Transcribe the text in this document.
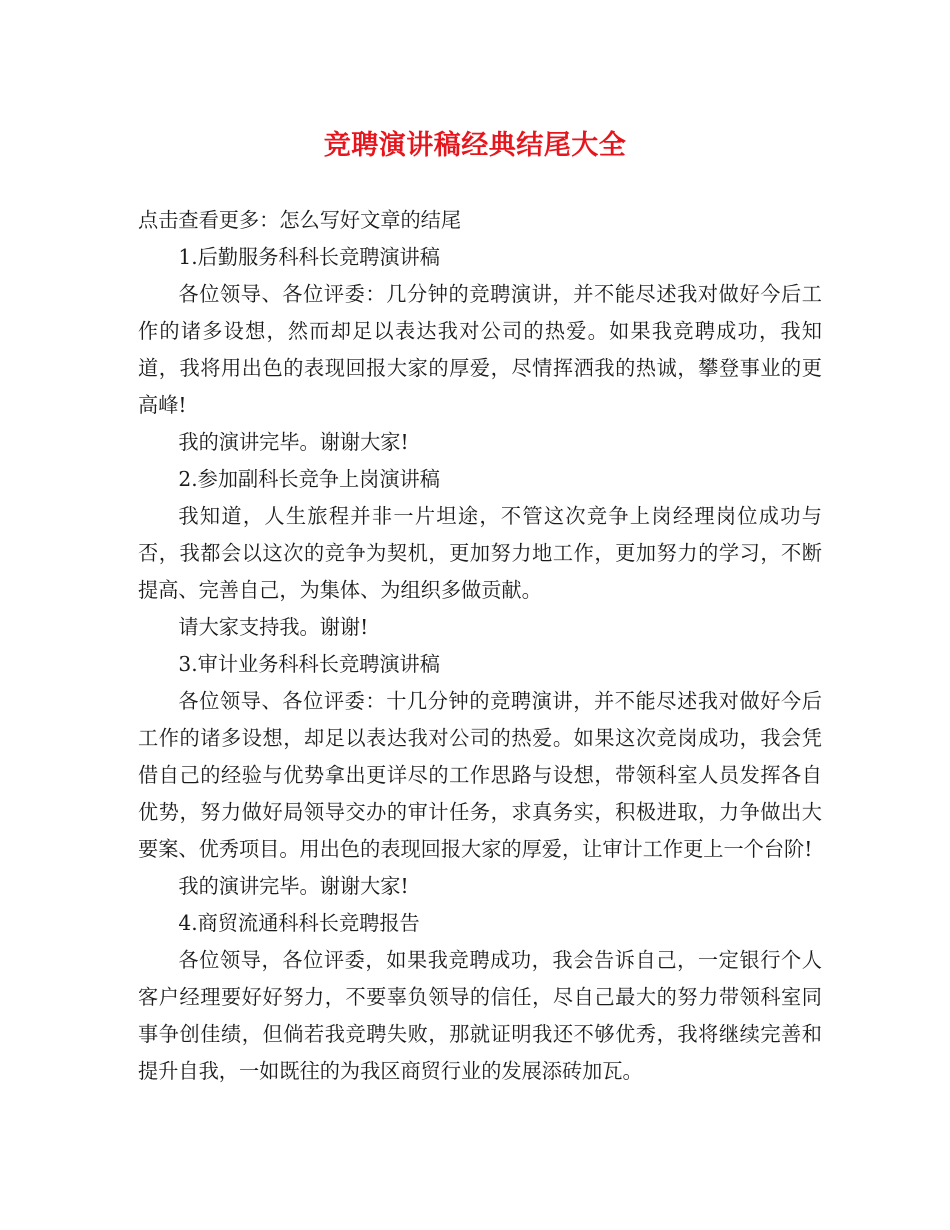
竞聘演讲稿经典结尾大全

点击查看更多：怎么写好文章的结尾

1.后勤服务科科长竞聘演讲稿

各位领导、各位评委：几分钟的竞聘演讲，并不能尽述我对做好今后工作的诸多设想，然而却足以表达我对公司的热爱。如果我竞聘成功，我知道，我将用出色的表现回报大家的厚爱，尽情挥洒我的热诚，攀登事业的更高峰!

我的演讲完毕。谢谢大家!

2.参加副科长竞争上岗演讲稿

我知道，人生旅程并非一片坦途，不管这次竞争上岗经理岗位成功与否，我都会以这次的竞争为契机，更加努力地工作，更加努力的学习，不断提高、完善自己，为集体、为组织多做贡献。

请大家支持我。谢谢!

3.审计业务科科长竞聘演讲稿

各位领导、各位评委：十几分钟的竞聘演讲，并不能尽述我对做好今后工作的诸多设想，却足以表达我对公司的热爱。如果这次竞岗成功，我会凭借自己的经验与优势拿出更详尽的工作思路与设想，带领科室人员发挥各自优势，努力做好局领导交办的审计任务，求真务实，积极进取，力争做出大要案、优秀项目。用出色的表现回报大家的厚爱，让审计工作更上一个台阶!

我的演讲完毕。谢谢大家!

4.商贸流通科科长竞聘报告

各位领导，各位评委，如果我竞聘成功，我会告诉自己，一定银行个人客户经理要好好努力，不要辜负领导的信任，尽自己最大的努力带领科室同事争创佳绩，但倘若我竞聘失败，那就证明我还不够优秀，我将继续完善和提升自我，一如既往的为我区商贸行业的发展添砖加瓦。
